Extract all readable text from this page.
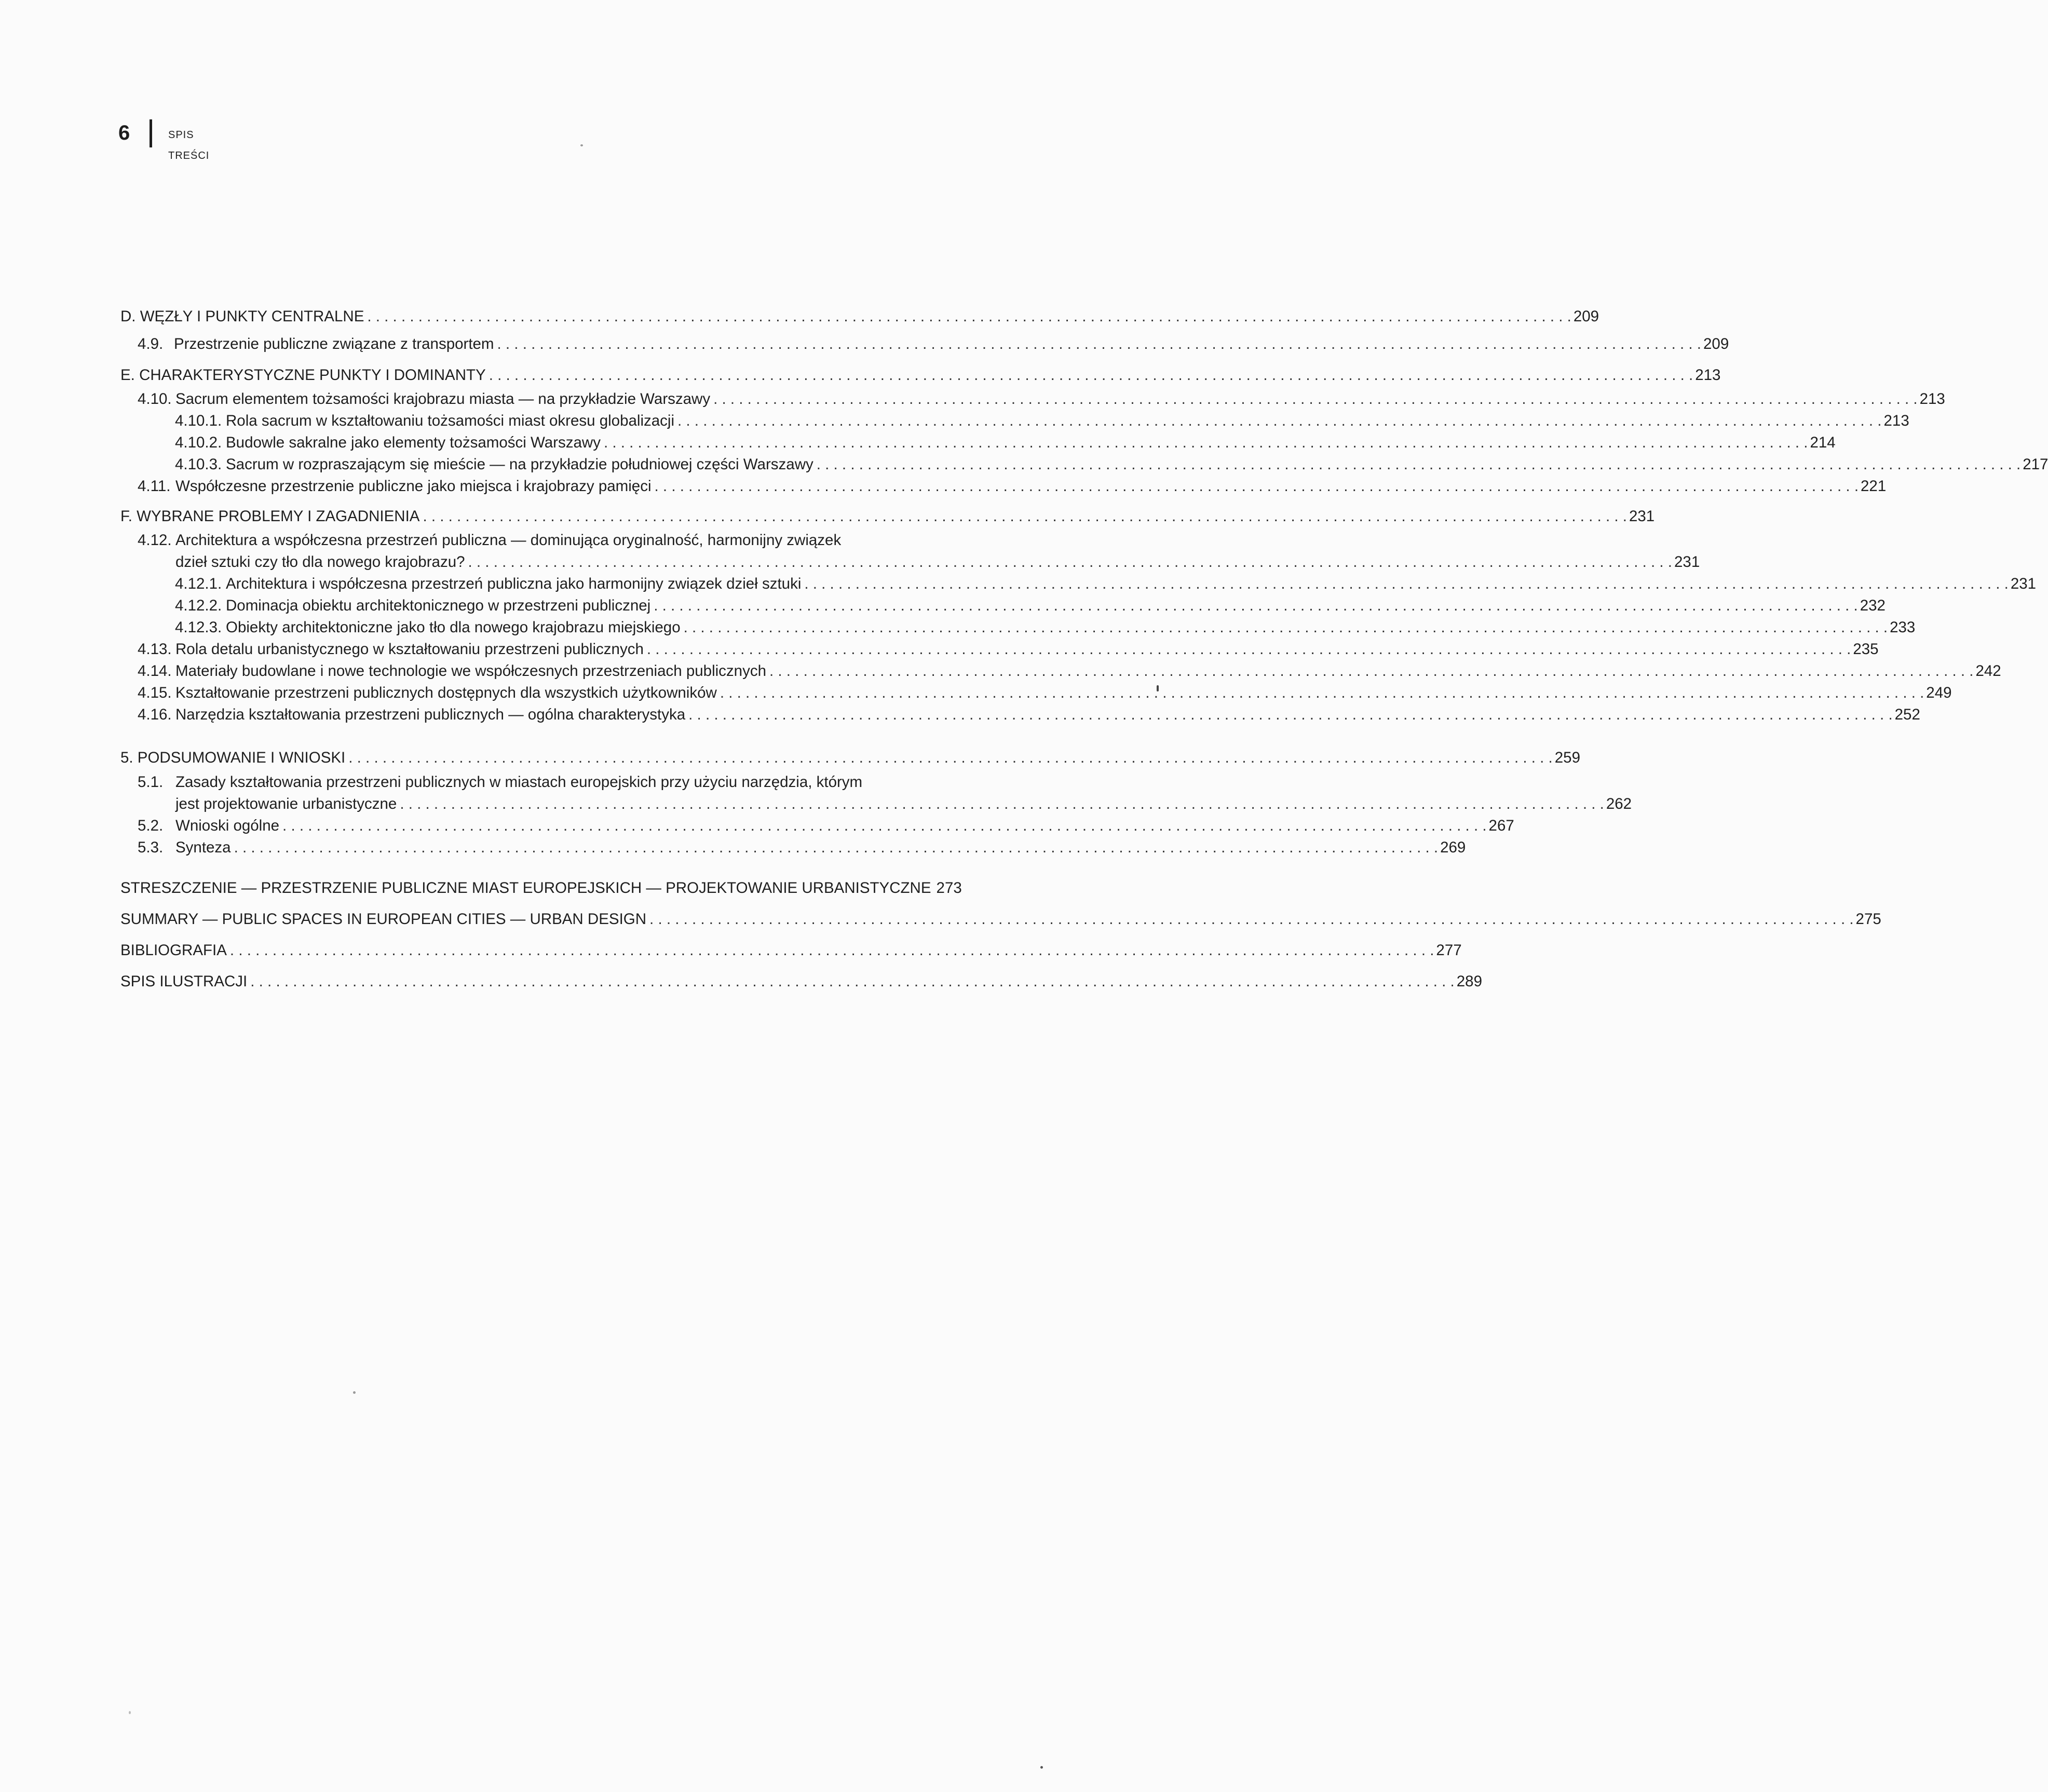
6	SPIS TREŚCI
D. WĘZŁY I PUNKTY CENTRALNE . . .	209
4.9. Przestrzenie publiczne związane z transportem . . .	209
E. CHARAKTERYSTYCZNE PUNKTY I DOMINANTY . . .	213
4.10. Sacrum elementem tożsamości krajobrazu miasta — na przykładzie Warszawy . . .	213
4.10.1. Rola sacrum w kształtowaniu tożsamości miast okresu globalizacji . . .	213
4.10.2. Budowle sakralne jako elementy tożsamości Warszawy . . .	214
4.10.3. Sacrum w rozpraszającym się mieście — na przykładzie południowej części Warszawy . . .	217
4.11. Współczesne przestrzenie publiczne jako miejsca i krajobrazy pamięci . . .	221
F. WYBRANE PROBLEMY I ZAGADNIENIA . . .	231
4.12. Architektura a współczesna przestrzeń publiczna — dominująca oryginalność, harmonijny związek
dzieł sztuki czy tło dla nowego krajobrazu? . . .	231
4.12.1. Architektura i współczesna przestrzeń publiczna jako harmonijny związek dzieł sztuki . . .	231
4.12.2. Dominacja obiektu architektonicznego w przestrzeni publicznej . . .	232
4.12.3. Obiekty architektoniczne jako tło dla nowego krajobrazu miejskiego . . .	233
4.13. Rola detalu urbanistycznego w kształtowaniu przestrzeni publicznych . . .	235
4.14. Materiały budowlane i nowe technologie we współczesnych przestrzeniach publicznych . . .	242
4.15. Kształtowanie przestrzeni publicznych dostępnych dla wszystkich użytkowników . . .	249
4.16. Narzędzia kształtowania przestrzeni publicznych — ogólna charakterystyka . . .	252
5. PODSUMOWANIE I WNIOSKI . . .	259
5.1. Zasady kształtowania przestrzeni publicznych w miastach europejskich przy użyciu narzędzia, którym
jest projektowanie urbanistyczne . . .	262
5.2. Wnioski ogólne . . .	267
5.3. Synteza . . .	269
STRESZCZENIE — PRZESTRZENIE PUBLICZNE MIAST EUROPEJSKICH — PROJEKTOWANIE URBANISTYCZNE 273
SUMMARY — PUBLIC SPACES IN EUROPEAN CITIES — URBAN DESIGN . . .	275
BIBLIOGRAFIA . . .	277
SPIS ILUSTRACJI . . .	289
